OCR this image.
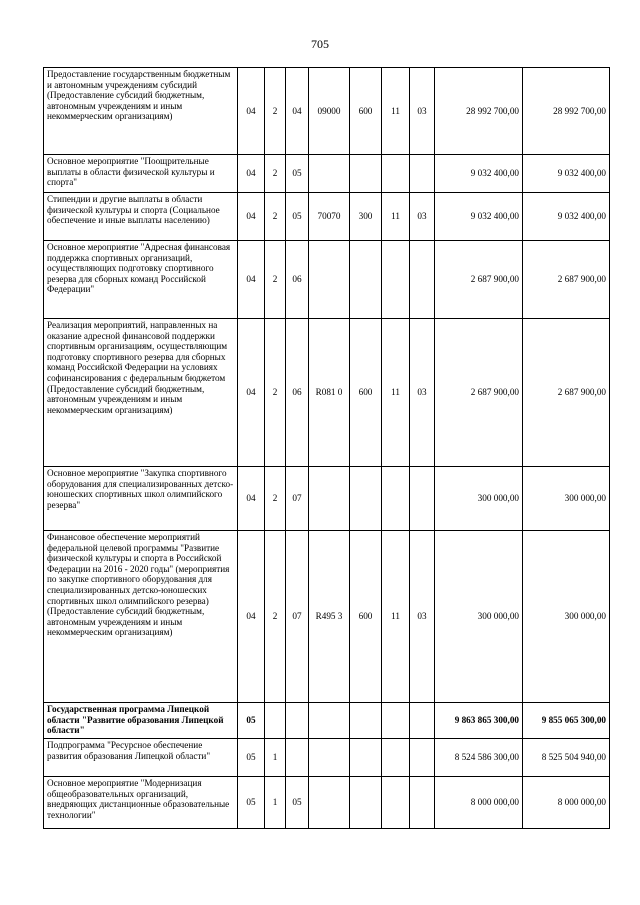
705
Предоставление государственным бюджетным и автономным учреждениям субсидий (Предоставление субсидий бюджетным, автономным учреждениям и иным некоммерческим организациям)	04	2	04	09000	600	11	03	28 992 700,00	28 992 700,00
Основное мероприятие "Поощрительные выплаты в области физической культуры и спорта"	04	2	05					9 032 400,00	9 032 400,00
Стипендии и другие выплаты в области физической культуры и спорта (Социальное обеспечение и иные выплаты населению)	04	2	05	70070	300	11	03	9 032 400,00	9 032 400,00
Основное мероприятие "Адресная финансовая поддержка спортивных организаций, осуществляющих подготовку спортивного резерва для сборных команд Российской Федерации"	04	2	06					2 687 900,00	2 687 900,00
Реализация мероприятий, направленных на оказание адресной финансовой поддержки спортивным организациям, осуществляющим подготовку спортивного резерва для сборных команд Российской Федерации на условиях софинансирования с федеральным бюджетом (Предоставление субсидий бюджетным, автономным учреждениям и иным некоммерческим организациям)	04	2	06	R081 0	600	11	03	2 687 900,00	2 687 900,00
Основное мероприятие "Закупка спортивного оборудования для специализированных детско-юношеских спортивных школ олимпийского резерва"	04	2	07					300 000,00	300 000,00
Финансовое обеспечение мероприятий федеральной целевой программы "Развитие физической культуры и спорта в Российской Федерации на 2016 - 2020 годы" (мероприятия по закупке спортивного оборудования для специализированных детско-юношеских спортивных школ олимпийского резерва) (Предоставление субсидий бюджетным, автономным учреждениям и иным некоммерческим организациям)	04	2	07	R495 3	600	11	03	300 000,00	300 000,00
Государственная программа Липецкой области "Развитие образования Липецкой области"	05							9 863 865 300,00	9 855 065 300,00
Подпрограмма "Ресурсное обеспечение развития образования Липецкой области"	05	1						8 524 586 300,00	8 525 504 940,00
Основное мероприятие "Модернизация общеобразовательных организаций, внедряющих дистанционные образовательные технологии"	05	1	05					8 000 000,00	8 000 000,00
